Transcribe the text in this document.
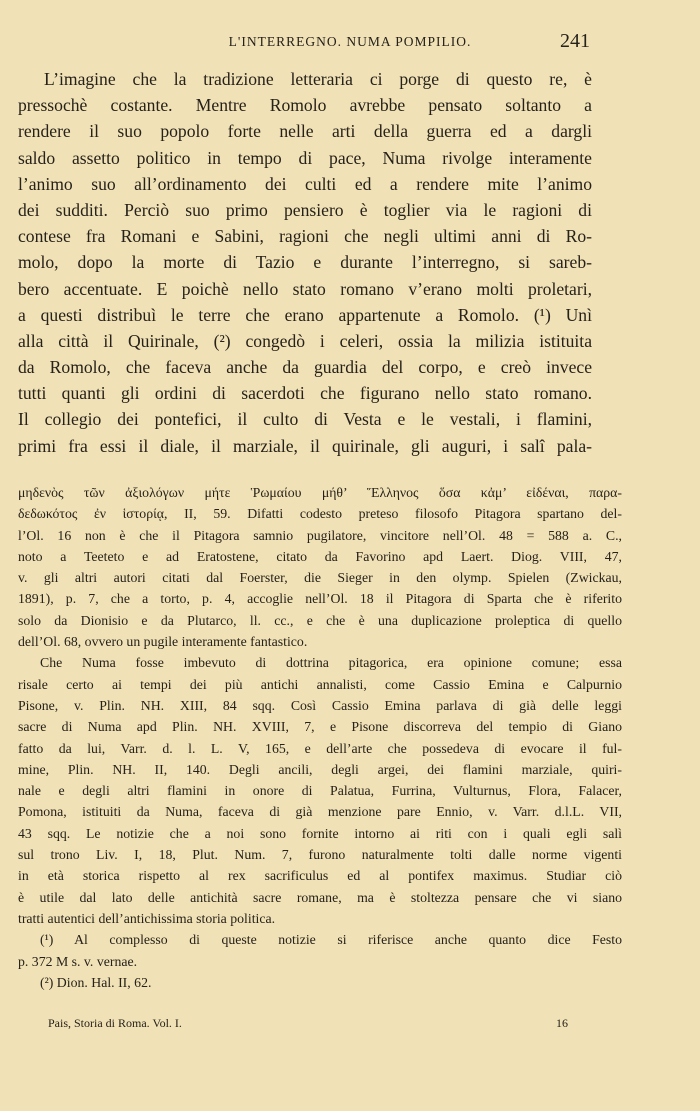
L'INTERREGNO. NUMA POMPILIO.	241
L’imagine che la tradizione letteraria ci porge di questo re, è
pressochè costante. Mentre Romolo avrebbe pensato soltanto a
rendere il suo popolo forte nelle arti della guerra ed a dargli
saldo assetto politico in tempo di pace, Numa rivolge interamente
l’animo suo all’ordinamento dei culti ed a rendere mite l’animo
dei sudditi. Perciò suo primo pensiero è toglier via le ragioni di
contese fra Romani e Sabini, ragioni che negli ultimi anni di Ro-
molo, dopo la morte di Tazio e durante l’interregno, si sareb-
bero accentuate. E poichè nello stato romano v’erano molti proletari,
a questi distribuì le terre che erano appartenute a Romolo. (¹) Unì
alla città il Quirinale, (²) congedò i celeri, ossia la milizia istituita
da Romolo, che faceva anche da guardia del corpo, e creò invece
tutti quanti gli ordini di sacerdoti che figurano nello stato romano.
Il collegio dei pontefici, il culto di Vesta e le vestali, i flamini,
primi fra essi il diale, il marziale, il quirinale, gli auguri, i salî pala-
μηδενὸς τῶν ἀξιολόγων μήτε Ῥωμαίου μήθ’ Ἕλληνος ὅσα κἀμ’ εἰδέναι, παρα-
δεδωκότος ἐν ἱστορίᾳ, II, 59. Difatti codesto preteso filosofo Pitagora spartano del-
l’Ol. 16 non è che il Pitagora samnio pugilatore, vincitore nell’Ol. 48 = 588 a. C.,
noto a Teeteto e ad Eratostene, citato da Favorino apd Laert. Diog. VIII, 47,
v. gli altri autori citati dal Foerster, die Sieger in den olymp. Spielen (Zwickau,
1891), p. 7, che a torto, p. 4, accoglie nell’Ol. 18 il Pitagora di Sparta che è riferito
solo da Dionisio e da Plutarco, ll. cc., e che è una duplicazione proleptica di quello
dell’Ol. 68, ovvero un pugile interamente fantastico.
Che Numa fosse imbevuto di dottrina pitagorica, era opinione comune; essa
risale certo ai tempi dei più antichi annalisti, come Cassio Emina e Calpurnio
Pisone, v. Plin. NH. XIII, 84 sqq. Così Cassio Emina parlava di già delle leggi
sacre di Numa apd Plin. NH. XVIII, 7, e Pisone discorreva del tempio di Giano
fatto da lui, Varr. d. l. L. V, 165, e dell’arte che possedeva di evocare il ful-
mine, Plin. NH. II, 140. Degli ancili, degli argei, dei flamini marziale, quiri-
nale e degli altri flamini in onore di Palatua, Furrina, Vulturnus, Flora, Falacer,
Pomona, istituiti da Numa, faceva di già menzione pare Ennio, v. Varr. d.l.L. VII,
43 sqq. Le notizie che a noi sono fornite intorno ai riti con i quali egli salì
sul trono Liv. I, 18, Plut. Num. 7, furono naturalmente tolti dalle norme vigenti
in età storica rispetto al rex sacrificulus ed al pontifex maximus. Studiar ciò
è utile dal lato delle antichità sacre romane, ma è stoltezza pensare che vi siano
tratti autentici dell’antichissima storia politica.
(¹) Al complesso di queste notizie si riferisce anche quanto dice Festo
p. 372 M s. v. vernae.
(²) Dion. Hal. II, 62.
Pais, Storia di Roma. Vol. I.	16
